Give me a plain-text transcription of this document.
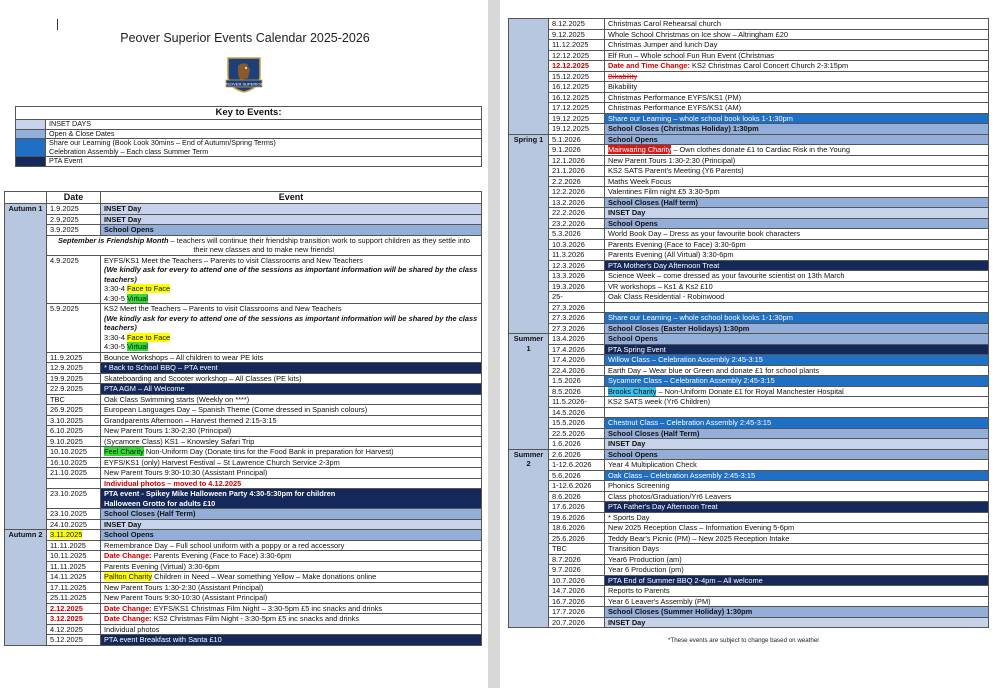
Peover Superior Events Calendar 2025-2026
PEOVER SUPERIOR
Key to Events:	
	INSET DAYS
	Open & Close Dates
	Share our Learning (Book Look 30mins – End of Autumn/Spring Terms)
Celebration Assembly – Each class Summer Term
	PTA Event
	Date	Event
Autumn 1	1.9.2025	INSET Day
	2.9.2025	INSET Day
	3.9.2025	School Opens
	September is Friendship Month – teachers will continue their friendship transition work to support children as they settle into their new classes and to make new friends!	
	4.9.2025	EYFS/KS1 Meet the Teachers – Parents to visit Classrooms and New Teachers
(We kindly ask for every to attend one of the sessions as important information will be shared by the class teachers)
3:30-4 Face to Face
4:30-5 Virtual
	5.9.2025	KS2 Meet the Teachers – Parents to visit Classrooms and New Teachers
(We kindly ask for every to attend one of the sessions as important information will be shared by the class teachers)
3:30-4 Face to Face
4:30-5 Virtual
	11.9.2025	Bounce Workshops – All children to wear PE kits
	12.9.2025	* Back to School BBQ – PTA event
	19.9.2025	Skateboarding and Scooter workshop – All Classes (PE kits)
	22.9.2025	PTA AGM – All Welcome
	TBC	Oak Class Swimming starts (Weekly on ****)
	26.9.2025	European Languages Day – Spanish Theme (Come dressed in Spanish colours)
	3.10.2025	Grandparents Afternoon – Harvest themed 2:15-3:15
	6.10.2025	New Parent Tours 1:30-2:30 (Principal)
	9.10.2025	(Sycamore Class) KS1 – Knowsley Safari Trip
	10.10.2025	Feel Charity Non-Uniform Day (Donate tins for the Food Bank in preparation for Harvest)
	16.10.2025	EYFS/KS1 (only) Harvest Festival – St Lawrence Church Service 2-3pm
	21.10.2025	New Parent Tours 9:30-10:30 (Assistant Principal)
		Individual photos – moved to 4.12.2025
	23.10.2025	PTA event - Spikey Mike Halloween Party 4:30-5:30pm for children
Halloween Grotto for adults £10
	23.10.2025	School Closes (Half Term)
	24.10.2025	INSET Day
Autumn 2	3.11.2025	School Opens
	11.11.2025	Remembrance Day – Full school uniform with a poppy or a red accessory
	10.11.2025	Date Change: Parents Evening (Face to Face) 3:30-6pm
	11.11.2025	Parents Evening (Virtual) 3:30-6pm
	14.11.2025	Pallton Charity Children in Need – Wear something Yellow – Make donations online
	17.11.2025	New Parent Tours 1:30-2:30 (Assistant Principal)
	25.11.2025	New Parent Tours 9:30-10:30 (Assistant Principal)
	2.12.2025	Date Change: EYFS/KS1 Christmas Film Night – 3:30-5pm £5 inc snacks and drinks
	3.12.2025	Date Change: KS2 Christmas Film Night - 3:30-5pm £5 inc snacks and drinks
	4.12.2025	Individual photos
	5.12.2025	PTA event Breakfast with Santa £10
	8.12.2025	Christmas Carol Rehearsal church
	9.12.2025	Whole School Christmas on Ice show – Altringham £20
	11.12.2025	Christmas Jumper and lunch Day
	12.12.2025	Elf Run – Whole school Fun Run Event (Christmas
	12.12.2025	Date and Time Change: KS2 Christmas Carol Concert Church 2-3:15pm
	15.12.2025	Bikability
	16.12.2025	Bikability
	16.12.2025	Christmas Performance EYFS/KS1 (PM)
	17.12.2025	Christmas Performance EYFS/KS1 (AM)
	19.12.2025	Share our Learning – whole school book looks 1-1:30pm
	19.12.2025	School Closes (Christmas Holiday) 1:30pm
Spring 1	5.1.2026	School Opens
	9.1.2026	Mainwaring Charity – Own clothes donate £1 to Cardiac Risk in the Young
	12.1.2026	New Parent Tours 1:30-2:30 (Principal)
	21.1.2026	KS2 SATS Parent's Meeting (Y6 Parents)
	2.2.2026	Maths Week Focus
	12.2.2026	Valentines Film night £5 3:30-5pm
	13.2.2026	School Closes (Half term)
	22.2.2026	INSET Day
	23.2.2026	School Opens
	5.3.2026	World Book Day – Dress as your favourite book characters
	10.3.2026	Parents Evening (Face to Face) 3:30-6pm
	11.3.2026	Parents Evening (All Virtual) 3:30-6pm
	12.3.2026	PTA Mother's Day Afternoon Treat
	13.3.2026	Science Week – come dressed as your favourite scientist on 13th March
	19.3.2026	VR workshops – Ks1 & Ks2 £10
	25-	Oak Class Residential - Robinwood
	27.3.2026	
	27.3.2026	Share our Learning – whole school book looks 1-1:30pm
	27.3.2026	School Closes (Easter Holidays) 1:30pm
Summer 1	13.4.2026	School Opens
	17.4.2026	PTA Spring Event
	17.4.2026	Willow Class – Celebration Assembly 2:45-3:15
	22.4.2026	Earth Day – Wear blue or Green and donate £1 for school plants
	1.5.2026	Sycamore Class – Celebration Assembly 2:45-3:15
	8.5.2026	Brooks Charity – Non-Uniform Donate £1 for Royal Manchester Hospital
	11.5.2026-	KS2 SATS week (Yr6 Children)
	14.5.2026	
	15.5.2026	Chestnut Class – Celebration Assembly 2:45-3:15
	22.5.2026	School Closes (Half Term)
	1.6.2026	INSET Day
Summer 2	2.6.2026	School Opens
	1-12.6.2026	Year 4 Multiplication Check
	5.6.2026	Oak Class – Celebration Assembly 2:45-3:15
	1-12.6.2026	Phonics Screening
	8.6.2026	Class photos/Graduation/Yr6 Leavers
	17.6.2026	PTA Father's Day Afternoon Treat
	19.6.2026	* Sports Day
	18.6.2026	New 2025 Reception Class – Information Evening 5-6pm
	25.6.2026	Teddy Bear's Picnic (PM) – New 2025 Reception Intake
	TBC	Transition Days
	8.7.2026	Year6 Production (am)
	9.7.2026	Year 6 Production (pm)
	10.7.2026	PTA End of Summer BBQ 2-4pm – All welcome
	14.7.2026	Reports to Parents
	16.7.2026	Year 6 Leaver's Assembly (PM)
	17.7.2026	School Closes (Summer Holiday) 1:30pm
	20.7.2026	INSET Day
*These events are subject to change based on weather
